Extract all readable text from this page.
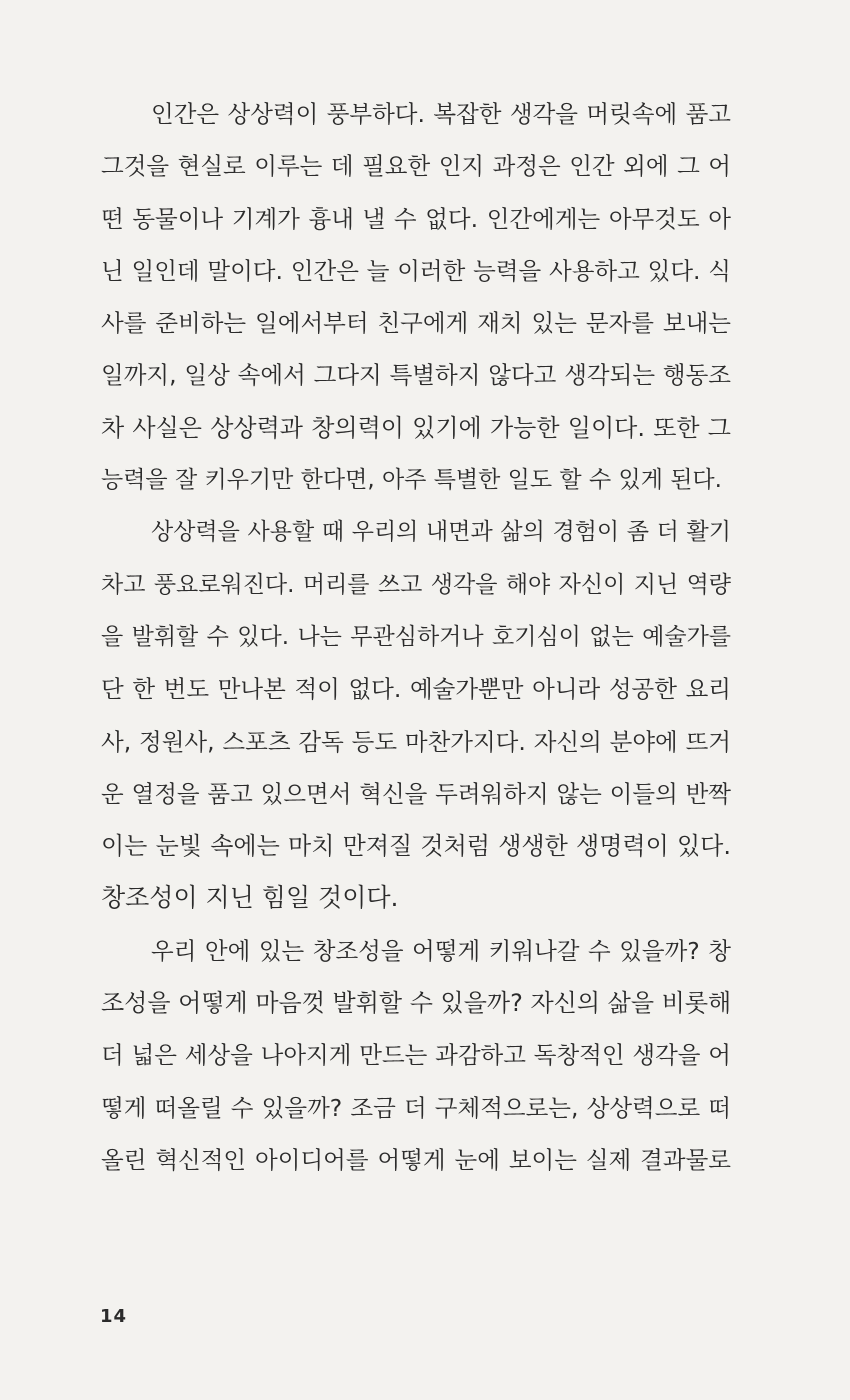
인간은 상상력이 풍부하다. 복잡한 생각을 머릿속에 품고
그것을 현실로 이루는 데 필요한 인지 과정은 인간 외에 그 어
떤 동물이나 기계가 흉내 낼 수 없다. 인간에게는 아무것도 아
닌 일인데 말이다. 인간은 늘 이러한 능력을 사용하고 있다. 식
사를 준비하는 일에서부터 친구에게 재치 있는 문자를 보내는
일까지, 일상 속에서 그다지 특별하지 않다고 생각되는 행동조
차 사실은 상상력과 창의력이 있기에 가능한 일이다. 또한 그
능력을 잘 키우기만 한다면, 아주 특별한 일도 할 수 있게 된다.
상상력을 사용할 때 우리의 내면과 삶의 경험이 좀 더 활기
차고 풍요로워진다. 머리를 쓰고 생각을 해야 자신이 지닌 역량
을 발휘할 수 있다. 나는 무관심하거나 호기심이 없는 예술가를
단 한 번도 만나본 적이 없다. 예술가뿐만 아니라 성공한 요리
사, 정원사, 스포츠 감독 등도 마찬가지다. 자신의 분야에 뜨거
운 열정을 품고 있으면서 혁신을 두려워하지 않는 이들의 반짝
이는 눈빛 속에는 마치 만져질 것처럼 생생한 생명력이 있다.
창조성이 지닌 힘일 것이다.
우리 안에 있는 창조성을 어떻게 키워나갈 수 있을까? 창
조성을 어떻게 마음껏 발휘할 수 있을까? 자신의 삶을 비롯해
더 넓은 세상을 나아지게 만드는 과감하고 독창적인 생각을 어
떻게 떠올릴 수 있을까? 조금 더 구체적으로는, 상상력으로 떠
올린 혁신적인 아이디어를 어떻게 눈에 보이는 실제 결과물로
14
